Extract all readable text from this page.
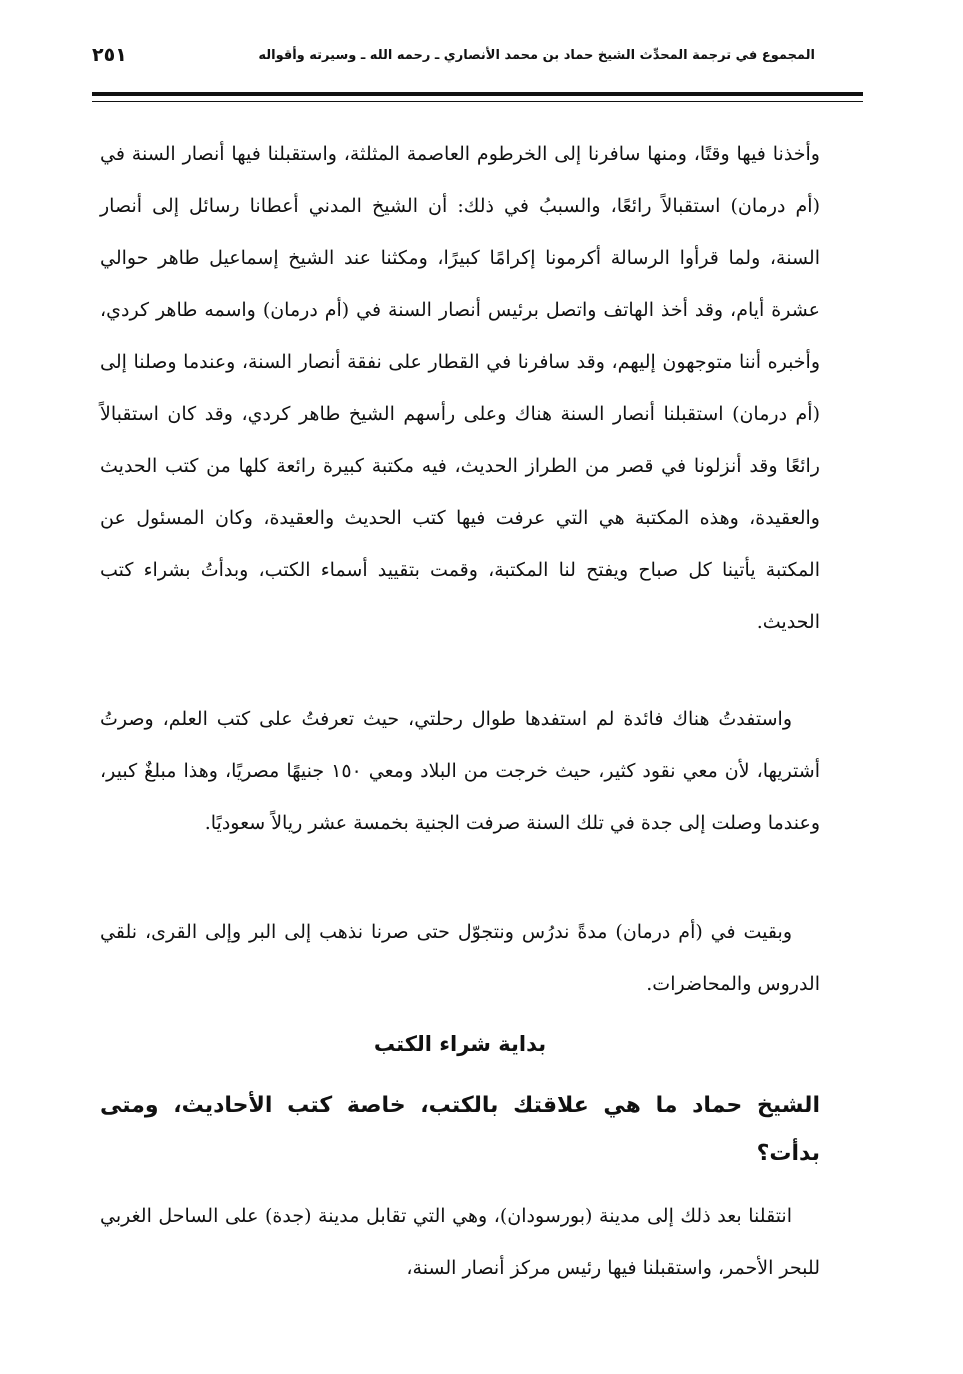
المجموع في ترجمة المحدِّث الشيخ حماد بن محمد الأنصاري ـ رحمه الله ـ وسيرته وأقواله
٢٥١

وأخذنا فيها وقتًا، ومنها سافرنا إلى الخرطوم العاصمة المثلثة، واستقبلنا فيها أنصار السنة في (أم درمان) استقبالاً رائعًا، والسببُ في ذلك: أن الشيخ المدني أعطانا رسائل إلى أنصار السنة، ولما قرأوا الرسالة أكرمونا إكرامًا كبيرًا، ومكثنا عند الشيخ إسماعيل طاهر حوالي عشرة أيام، وقد أخذ الهاتف واتصل برئيس أنصار السنة في (أم درمان) واسمه طاهر كردي، وأخبره أننا متوجهون إليهم، وقد سافرنا في القطار على نفقة أنصار السنة، وعندما وصلنا إلى (أم درمان) استقبلنا أنصار السنة هناك وعلى رأسهم الشيخ طاهر كردي، وقد كان استقبالاً رائعًا وقد أنزلونا في قصر من الطراز الحديث، فيه مكتبة كبيرة رائعة كلها من كتب الحديث والعقيدة، وهذه المكتبة هي التي عرفت فيها كتب الحديث والعقيدة، وكان المسئول عن المكتبة يأتينا كل صباح ويفتح لنا المكتبة، وقمت بتقييد أسماء الكتب، وبدأتُ بشراء كتب الحديث.

واستفدتُ هناك فائدة لم استفدها طوال رحلتي، حيث تعرفتُ على كتب العلم، وصرتُ أشتريها، لأن معي نقود كثير، حيث خرجت من البلاد ومعي ١٥٠ جنيهًا مصريًا، وهذا مبلغٌ كبير، وعندما وصلت إلى جدة في تلك السنة صرفت الجنية بخمسة عشر ريالاً سعوديًا.

وبقيت في (أم درمان) مدةً ندرُس ونتجوّل حتى صرنا نذهب إلى البر وإلى القرى، نلقي الدروس والمحاضرات.

بداية شراء الكتب

الشيخ حماد ما هي علاقتك بالكتب، خاصة كتب الأحاديث، ومتى بدأت؟

انتقلنا بعد ذلك إلى مدينة (بورسودان)، وهي التي تقابل مدينة (جدة) على الساحل الغربي للبحر الأحمر، واستقبلنا فيها رئيس مركز أنصار السنة،
